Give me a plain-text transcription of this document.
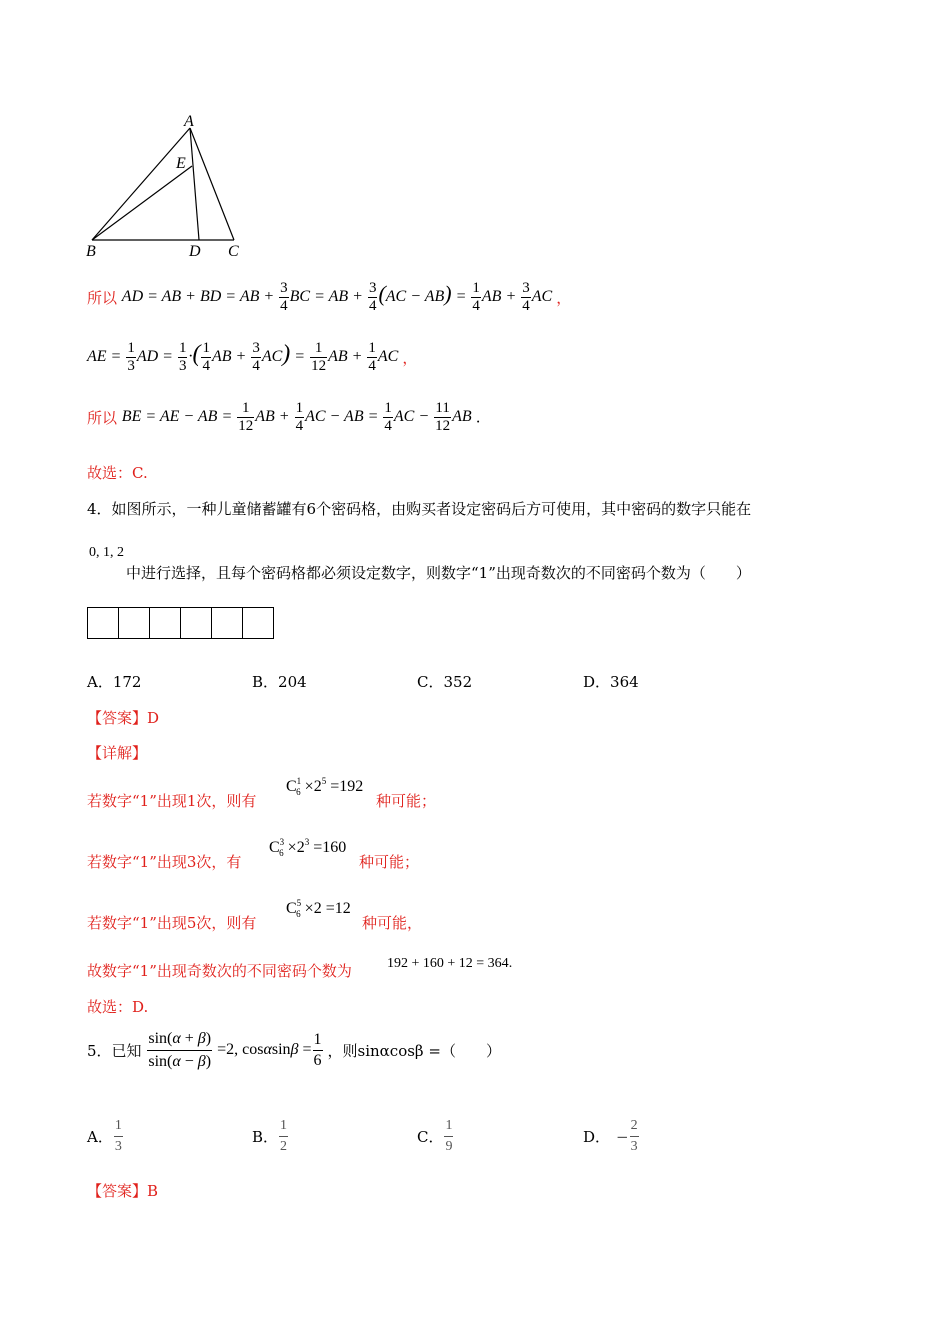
A
E
B	D C
所以 AD = AB + BD = AB + $\frac{3}{4}$ BC = AB + $\frac{3}{4} (AC - AB) = \frac{1}{4}$ AB + $\frac{3}{4}$ AC ，
AE = $\frac{1}{3}$ AD = $\frac{1}{3}$ ·( $\frac{1}{4}$ AB + $\frac{3}{4} AC) = \frac{1}{12}$ AB + $\frac{1}{4}$ AC ，
所以 BE = AE − AB = $\frac{1}{12}$ AB + $\frac{1}{4}$ AC − AB = $\frac{1}{4}$ AC − $\frac{11}{12}$ AB .
故选：C.
4．如图所示，一种儿童储蓄罐有6个密码格，由购买者设定密码后方可使用，其中密码的数字只能在
0, 1, 2
中进行选择，且每个密码格都必须设定数字，则数字“1”出现奇数次的不同密码个数为（　　）
A．172	B．204	C．352	D．364
【答案】D
【详解】
若数字“1”出现1次，则有
$C^1_6 \times 2^5 =192$
种可能；
若数字“1”出现3次，有
$C^3_6 \times 2^3 =160$
种可能；
若数字“1”出现5次，则有
$C^5_6 \times 2 =12$
种可能，
故数字“1”出现奇数次的不同密码个数为	192 + 160 + 12 = 364.
故选：D.
5．已知 $\frac{\sin(\alpha + \beta)}{\sin(\alpha - \beta)} =2$, $\cos\alpha\sin\beta = \frac{1}{6}$ ，则sinαcosβ =（　　）
A． $\frac{1}{3}$	B． $\frac{1}{2}$	C． $\frac{1}{9}$	D． − $\frac{2}{3}$
【答案】B
